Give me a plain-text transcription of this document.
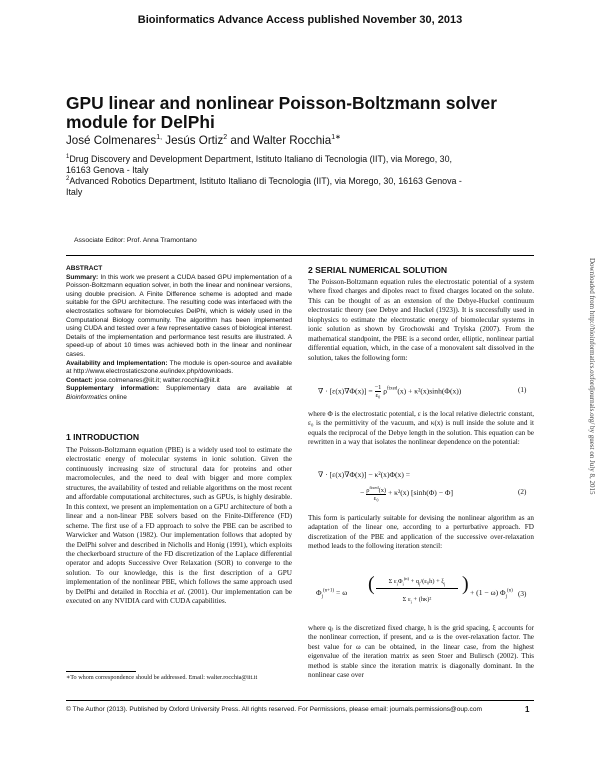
Bioinformatics Advance Access published November 30, 2013
GPU linear and nonlinear Poisson-Boltzmann solver module for DelPhi
José Colmenares$^{1,}$ Jesús Ortiz$^2$ and Walter Rocchia$^{1∗}$
$^1$Drug Discovery and Development Department, Istituto Italiano di Tecnologia (IIT), via Morego, 30, 16163 Genova - Italy
$^2$Advanced Robotics Department, Istituto Italiano di Tecnologia (IIT), via Morego, 30, 16163 Genova - Italy
Associate Editor: Prof. Anna Tramontano
ABSTRACT
Summary: In this work we present a CUDA based GPU implementation of a Poisson-Boltzmann equation solver, in both the linear and nonlinear versions, using double precision. A Finite Difference scheme is adopted and made suitable for the GPU architecture. The resulting code was interfaced with the electrostatics software for biomolecules DelPhi, which is widely used in the Computational Biology community. The algorithm has been implemented using CUDA and tested over a few representative cases of biological interest. Details of the implementation and performance test results are illustrated. A speed-up of about 10 times was achieved both in the linear and nonlinear cases.
Availability and Implementation: The module is open-source and available at http://www.electrostaticszone.eu/index.php/downloads.
Contact: jose.colmenares@iit.it; walter.rocchia@iit.it
Supplementary information: Supplementary data are available at Bioinformatics online
1 INTRODUCTION
The Poisson-Boltzmann equation (PBE) is a widely used tool to estimate the electrostatic energy of molecular systems in ionic solution. Given the continuously increasing size of structural data for proteins and other macromolecules, and the need to deal with bigger and more complex structures, the availability of tested and reliable algorithms on the most recent and affordable computational architectures, such as GPUs, is highly desirable. In this context, we present an implementation on a GPU architecture of both a linear and a non-linear PBE solvers based on the Finite-Difference (FD) scheme. The first use of a FD approach to solve the PBE can be ascribed to Warwicker and Watson (1982). Our implementation follows that adopted by the DelPhi solver and described in Nicholls and Honig (1991), which exploits the checkerboard structure of the FD discretization of the Laplace differential operator and adopts Successive Over Relaxation (SOR) to converge to the solution. To our knowledge, this is the first description of a GPU implementation of the nonlinear PBE, which follows the same approach used by DelPhi and detailed in Rocchia et al. (2001). Our implementation can be executed on any NVIDIA card with CUDA capabilities.
∗To whom correspondence should be addressed. Email: walter.rocchia@iit.it
2 SERIAL NUMERICAL SOLUTION
The Poisson-Boltzmann equation rules the electrostatic potential of a system where fixed charges and dipoles react to fixed charges located on the solute. This can be thought of as an extension of the Debye-Huckel continuum electrostatic theory (see Debye and Huckel (1923)). It is successfully used in biophysics to estimate the electrostatic energy of biomolecular systems in ionic solution as shown by Grochowski and Trylska (2007). From the mathematical standpoint, the PBE is a second order, elliptic, nonlinear partial differential equation, which, in the case of a monovalent salt dissolved in the solution, takes the following form:
∇ · $[\varepsilon(x)\nabla\Phi(x)] = \frac{-1}{\text{ε₀}} \rho^{fixed}(x) + \kappa^2(x)\sinh(\Phi(x))$	(1)
where Φ is the electrostatic potential, ε is the local relative dielectric constant, ε₀ is the permittivity of the vacuum, and κ(x) is null inside the solute and it equals the reciprocal of the Debye length in the solution. This equation can be rewritten in a way that isolates the nonlinear dependence on the potential:
∇ · [ε(x)∇Φ(x)] − κ²(x)Φ(x) =
− $\rho^{fixed}(x)$
ε₀
+ κ²(x) [sinh(Φ) − Φ]	(2)
This form is particularly suitable for devising the nonlinear algorithm as an adaptation of the linear one, according to a perturbative approach. FD discretization of the PBE and application of the successive over-relaxation method leads to the following iteration stencil:
$\Phi_j^{(n+1)} = \omega$ (	Σ $\varepsilon_i\Phi_i^{(n)} + q_j/(\varepsilon_0h) + \xi_j$
Σ $\varepsilon_i + (h\kappa)^2$
) + (1 − ω) $\Phi_j^{(n)}$ (3)
where qⱼ is the discretized fixed charge, h is the grid spacing, ξ accounts for the nonlinear correction, if present, and ω is the over-relaxation factor. The best value for ω can be obtained, in the linear case, from the highest eigenvalue of the iteration matrix as seen Stoer and Bulirsch (2002). This method is stable since the iteration matrix is diagonally dominant. In the nonlinear case over
© The Author (2013). Published by Oxford University Press. All rights reserved. For Permissions, please email: journals.permissions@oup.com	1
Downloaded from http://bioinformatics.oxfordjournals.org/ by guest on July 8, 2015
